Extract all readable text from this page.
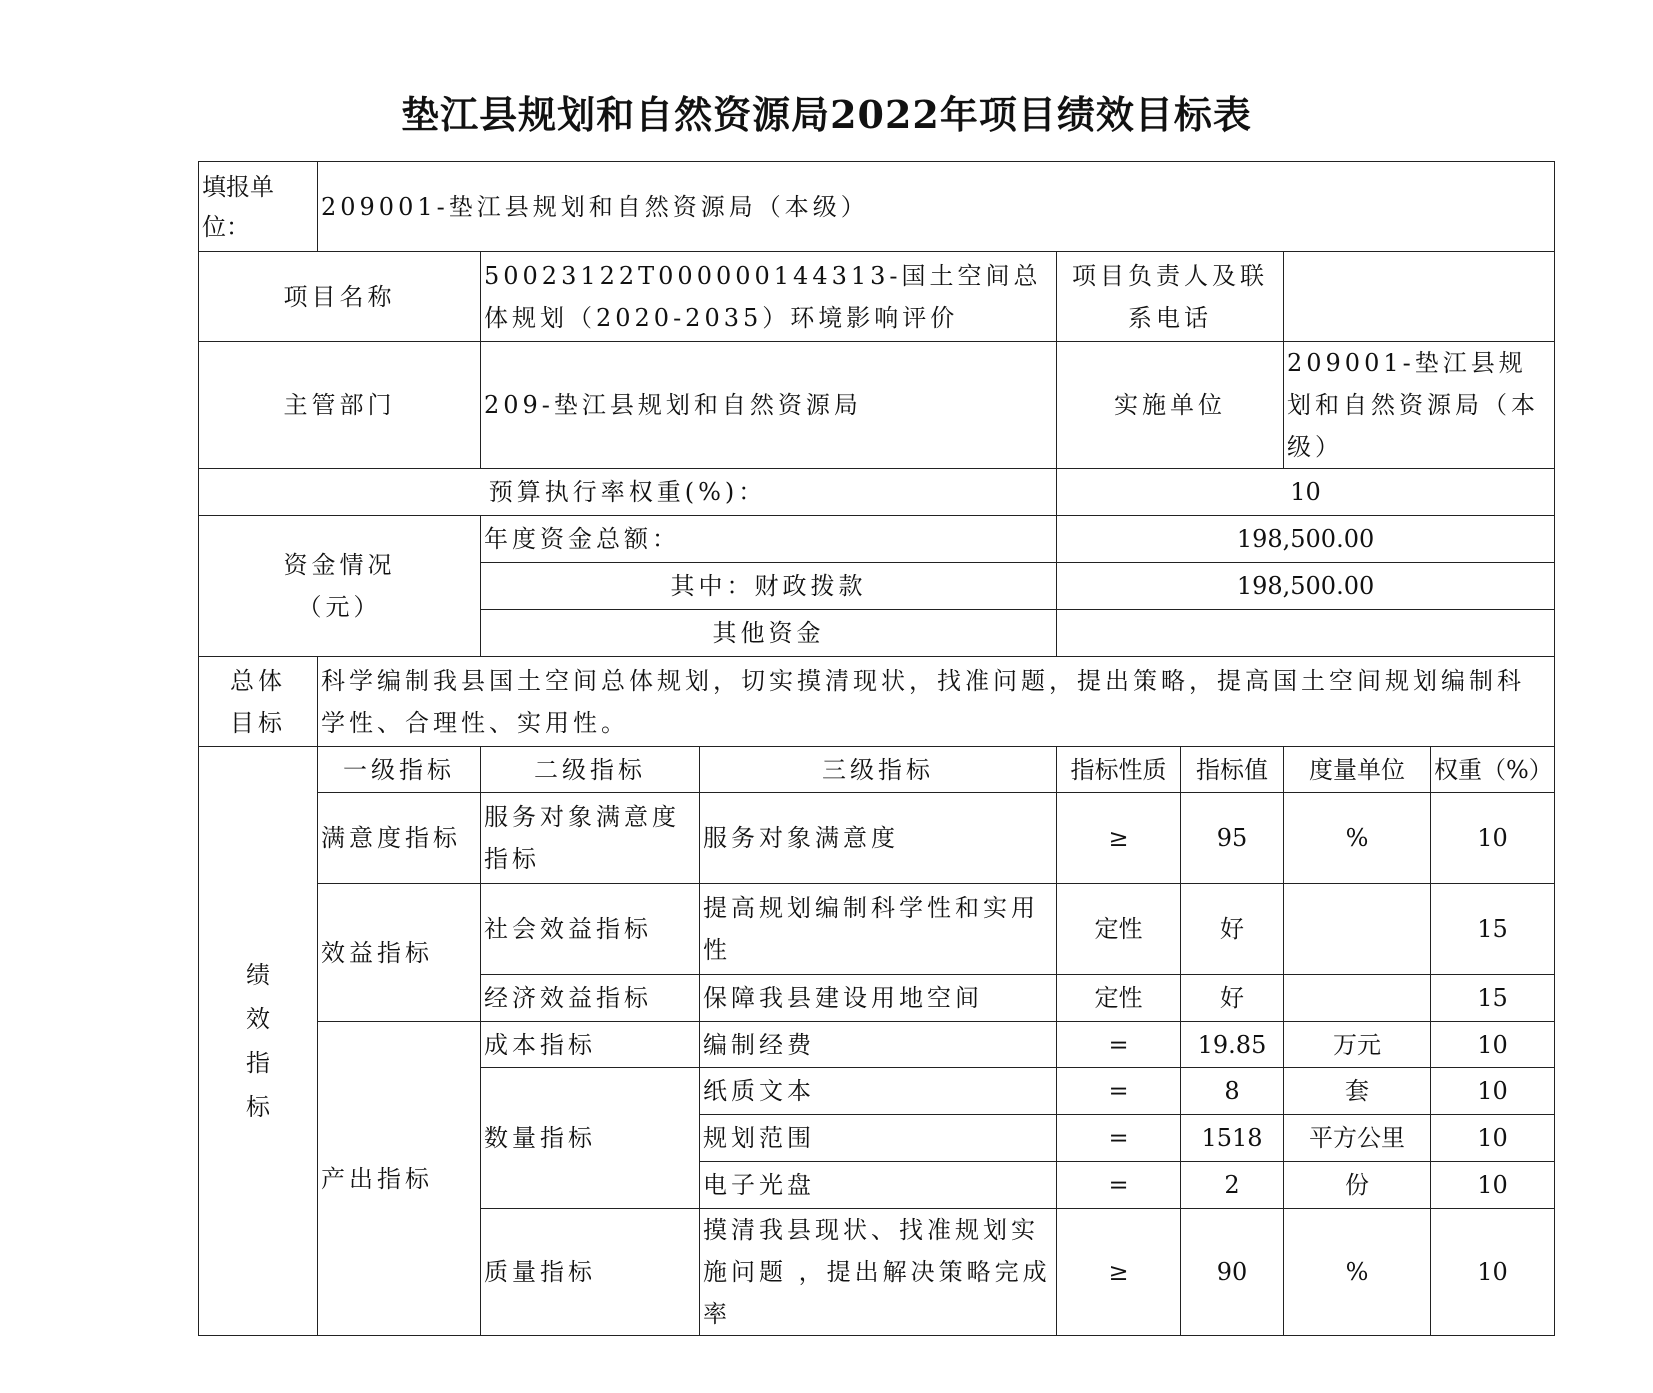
垫江县规划和自然资源局2022年项目绩效目标表
填报单位：	209001-垫江县规划和自然资源局（本级）						
项目名称		50023122T000000144313-国土空间总体规划（2020-2035）环境影响评价		项目负责人及联系电话			
主管部门		209-垫江县规划和自然资源局		实施单位		209001-垫江县规划和自然资源局（本级）	
预算执行率权重(%)：				10			

资金情况
（元）		年度资金总额：		198,500.00			
		其中：财政拨款		198,500.00			
		其他资金					

总体
目标	科学编制我县国土空间总体规划，切实摸清现状，找准问题，提出策略，提高国土空间规划编制科学性、合理性、实用性。						

绩
效
指
标	一级指标	二级指标	三级指标	指标性质	指标值	度量单位	权重（%）
	满意度指标	服务对象满意度指标	服务对象满意度	≥	95	%	10
	效益指标	社会效益指标	提高规划编制科学性和实用性	定性	好		15
		经济效益指标	保障我县建设用地空间	定性	好		15
	产出指标	成本指标	编制经费	=	19.85	万元	10
		数量指标	纸质文本	=	8	套	10
			规划范围	=	1518	平方公里	10
			电子光盘	=	2	份	10
		质量指标	摸清我县现状、找准规划实施问题 ，提出解决策略完成率	≥	90	%	10
